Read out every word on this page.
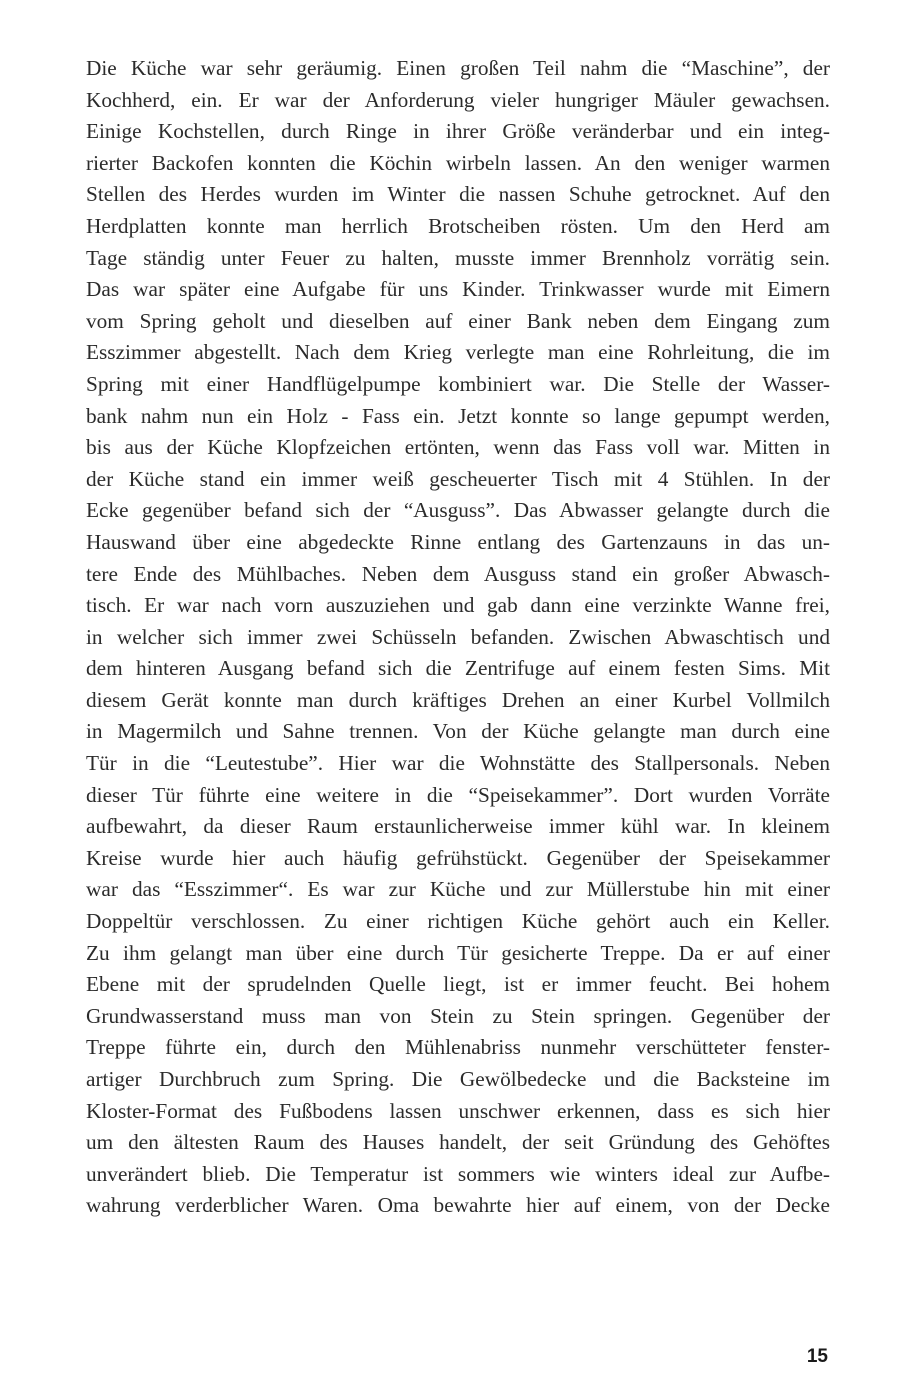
Die Küche war sehr geräumig. Einen großen Teil nahm die “Maschine”, der
Kochherd, ein. Er war der Anforderung vieler hungriger Mäuler gewachsen.
Einige Kochstellen, durch Ringe in ihrer Größe veränderbar und ein integ-
rierter Backofen konnten die Köchin wirbeln lassen. An den weniger warmen
Stellen des Herdes wurden im Winter die nassen Schuhe getrocknet. Auf den
Herdplatten konnte man herrlich Brotscheiben rösten. Um den Herd am
Tage ständig unter Feuer zu halten, musste immer Brennholz vorrätig sein.
Das war später eine Aufgabe für uns Kinder. Trinkwasser wurde mit Eimern
vom Spring geholt und dieselben auf einer Bank neben dem Eingang zum
Esszimmer abgestellt. Nach dem Krieg verlegte man eine Rohrleitung, die im
Spring mit einer Handflügelpumpe kombiniert war. Die Stelle der Wasser-
bank nahm nun ein Holz - Fass ein. Jetzt konnte so lange gepumpt werden,
bis aus der Küche Klopfzeichen ertönten, wenn das Fass voll war. Mitten in
der Küche stand ein immer weiß gescheuerter Tisch mit 4 Stühlen. In der
Ecke gegenüber befand sich der “Ausguss”. Das Abwasser gelangte durch die
Hauswand über eine abgedeckte Rinne entlang des Gartenzauns in das un-
tere Ende des Mühlbaches. Neben dem Ausguss stand ein großer Abwasch-
tisch. Er war nach vorn auszuziehen und gab dann eine verzinkte Wanne frei,
in welcher sich immer zwei Schüsseln befanden. Zwischen Abwaschtisch und
dem hinteren Ausgang befand sich die Zentrifuge auf einem festen Sims. Mit
diesem Gerät konnte man durch kräftiges Drehen an einer Kurbel Vollmilch
in Magermilch und Sahne trennen. Von der Küche gelangte man durch eine
Tür in die “Leutestube”. Hier war die Wohnstätte des Stallpersonals. Neben
dieser Tür führte eine weitere in die “Speisekammer”. Dort wurden Vorräte
aufbewahrt, da dieser Raum erstaunlicherweise immer kühl war. In kleinem
Kreise wurde hier auch häufig gefrühstückt. Gegenüber der Speisekammer
war das “Esszimmer“. Es war zur Küche und zur Müllerstube hin mit einer
Doppeltür verschlossen. Zu einer richtigen Küche gehört auch ein Keller.
Zu ihm gelangt man über eine durch Tür gesicherte Treppe. Da er auf einer
Ebene mit der sprudelnden Quelle liegt, ist er immer feucht. Bei hohem
Grundwasserstand muss man von Stein zu Stein springen. Gegenüber der
Treppe führte ein, durch den Mühlenabriss nunmehr verschütteter fenster-
artiger Durchbruch zum Spring. Die Gewölbedecke und die Backsteine im
Kloster-Format des Fußbodens lassen unschwer erkennen, dass es sich hier
um den ältesten Raum des Hauses handelt, der seit Gründung des Gehöftes
unverändert blieb. Die Temperatur ist sommers wie winters ideal zur Aufbe-
wahrung verderblicher Waren. Oma bewahrte hier auf einem, von der Decke
15
